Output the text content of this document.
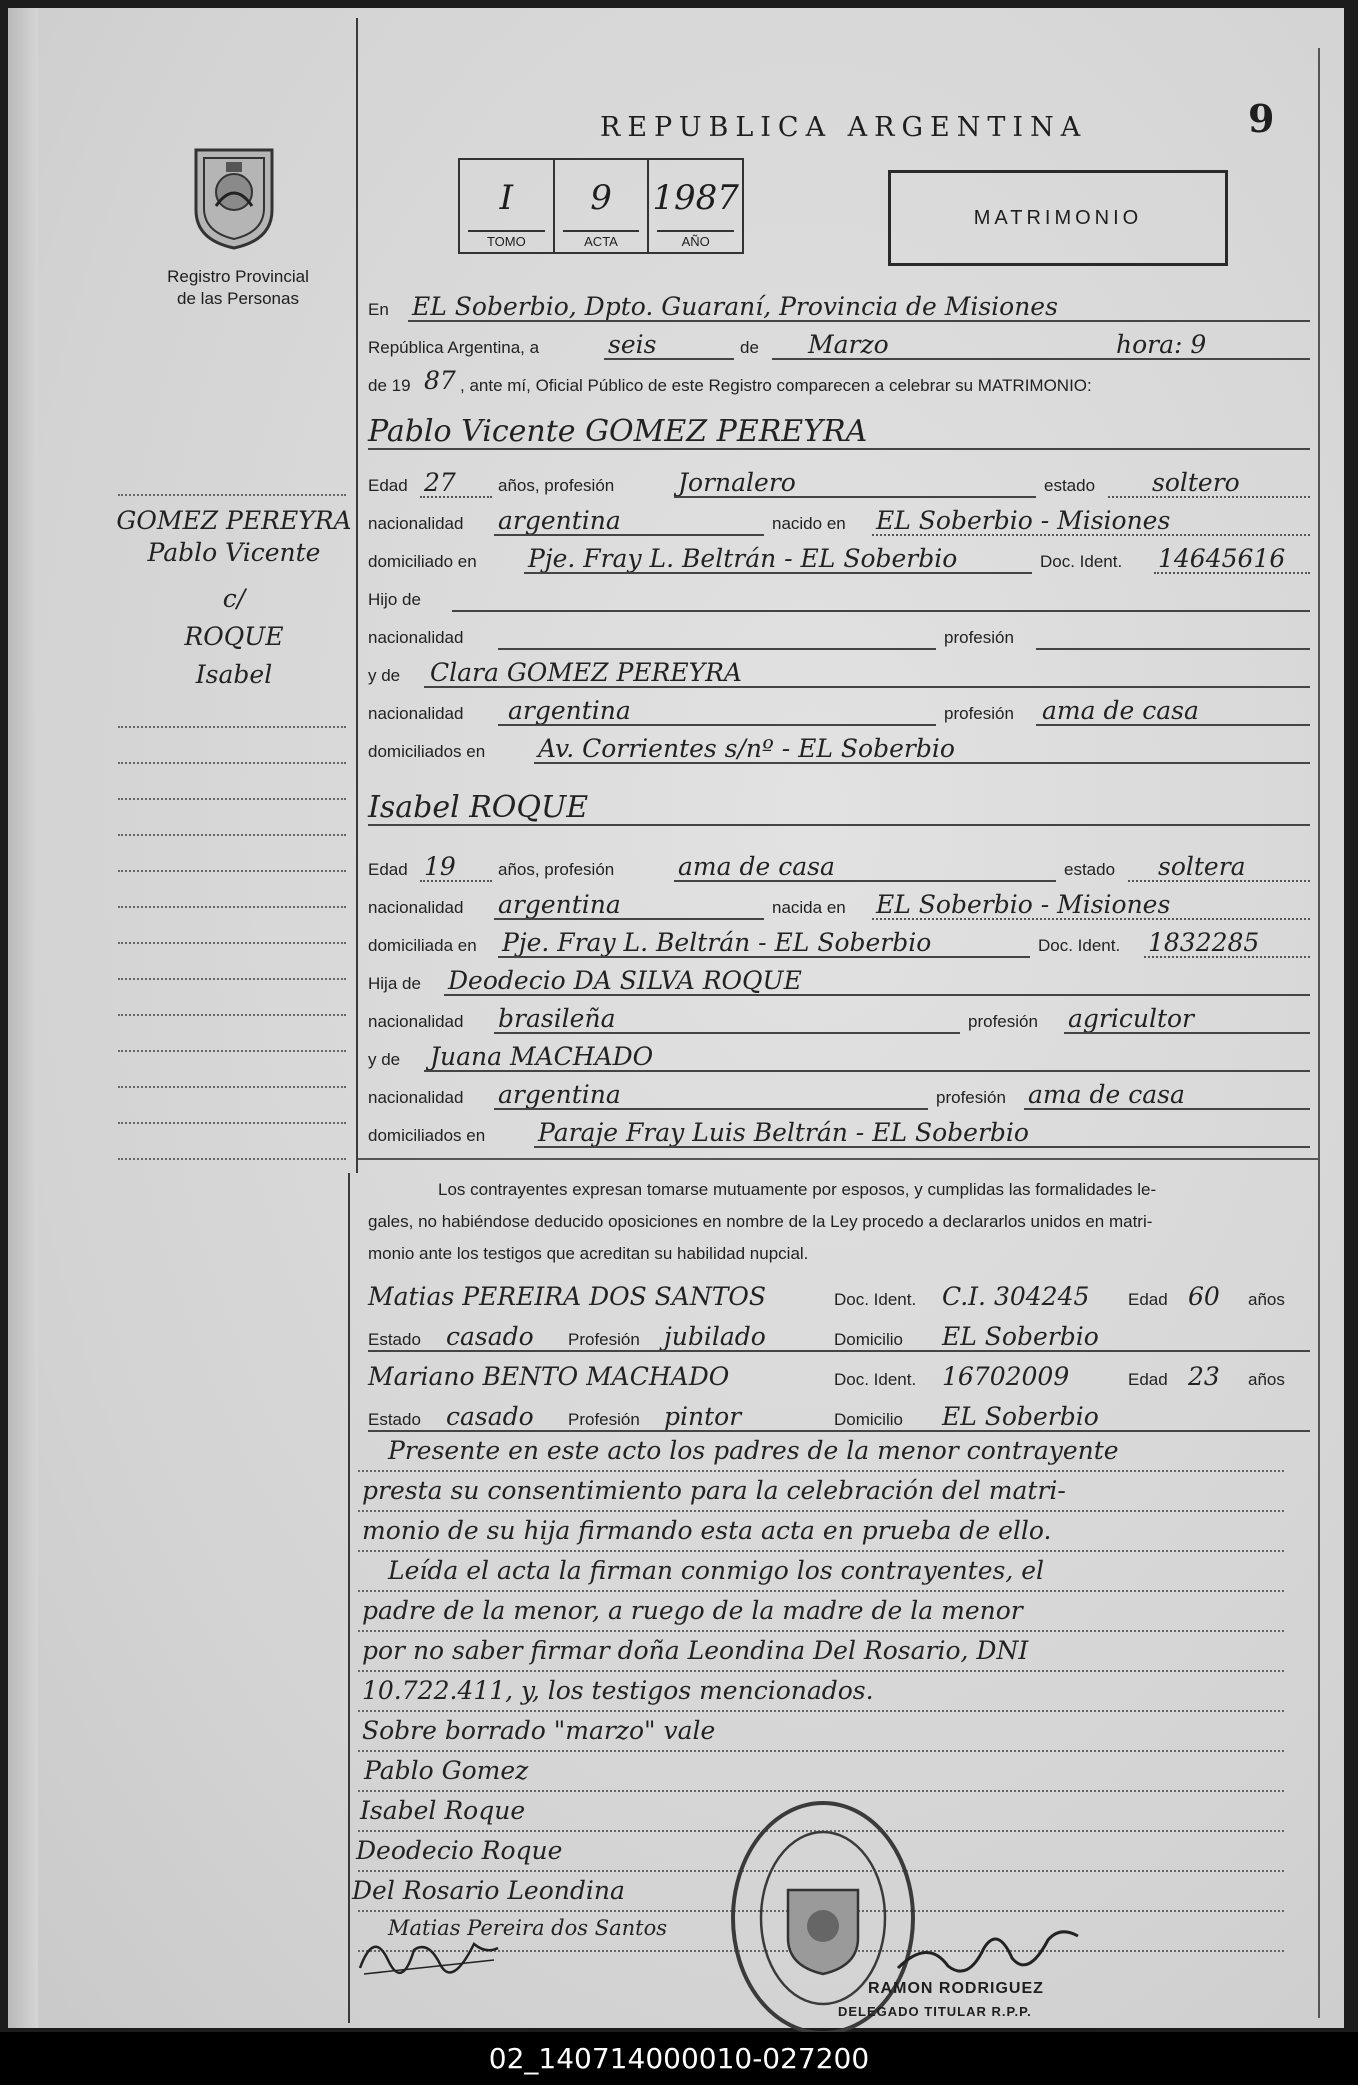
9
REPUBLICA ARGENTINA
Registro Provincial
de las Personas
I
TOMO
9
ACTA
1987
AÑO
MATRIMONIO
GOMEZ PEREYRA
Pablo Vicente
c/
ROQUE
Isabel
En EL Soberbio, Dpto. Guaraní, Provincia de Misiones
República Argentina, a	seis	de Marzo	hora: 9
de 19 87 , ante mí, Oficial Público de este Registro comparecen a celebrar su MATRIMONIO:
Pablo Vicente GOMEZ PEREYRA
Edad 27 años, profesión	Jornalero	estado soltero
nacionalidad argentina	nacido en EL Soberbio - Misiones
domiciliado en Pje. Fray L. Beltrán - EL Soberbio	Doc. Ident. 14645616
Hijo de
nacionalidad	profesión
y de Clara GOMEZ PEREYRA
nacionalidad argentina	profesión ama de casa
domiciliados en Av. Corrientes s/nº - EL Soberbio
Isabel ROQUE
Edad 19 años, profesión	ama de casa	estado soltera
nacionalidad argentina	nacida en EL Soberbio - Misiones
domiciliada en Pje. Fray L. Beltrán - EL Soberbio	Doc. Ident. 1832285
Hija de Deodecio DA SILVA ROQUE
nacionalidad brasileña	profesión agricultor
y de Juana MACHADO
nacionalidad argentina	profesión ama de casa
domiciliados en Paraje Fray Luis Beltrán - EL Soberbio
Los contrayentes expresan tomarse mutuamente por esposos, y cumplidas las formalidades le-
gales, no habiéndose deducido oposiciones en nombre de la Ley procedo a declararlos unidos en matri-
monio ante los testigos que acreditan su habilidad nupcial.
Matias PEREIRA DOS SANTOS	Doc. Ident. C.I. 304245 Edad 60 años
Estado casado Profesión jubilado	Domicilio EL Soberbio
Mariano BENTO MACHADO	Doc. Ident. 16702009	Edad 23 años
Estado casado Profesión pintor	Domicilio EL Soberbio
Presente en este acto los padres de la menor contrayente
presta su consentimiento para la celebración del matri-
monio de su hija firmando esta acta en prueba de ello.
Leída el acta la firman conmigo los contrayentes, el
padre de la menor, a ruego de la madre de la menor
por no saber firmar doña Leondina Del Rosario, DNI
10.722.411, y, los testigos mencionados.
Sobre borrado "marzo" vale
Pablo Gomez
Isabel Roque
Deodecio Roque
Del Rosario Leondina
Matias Pereira dos Santos
RAMON RODRIGUEZ
DELEGADO TITULAR R.P.P.
02_140714000010-027200
